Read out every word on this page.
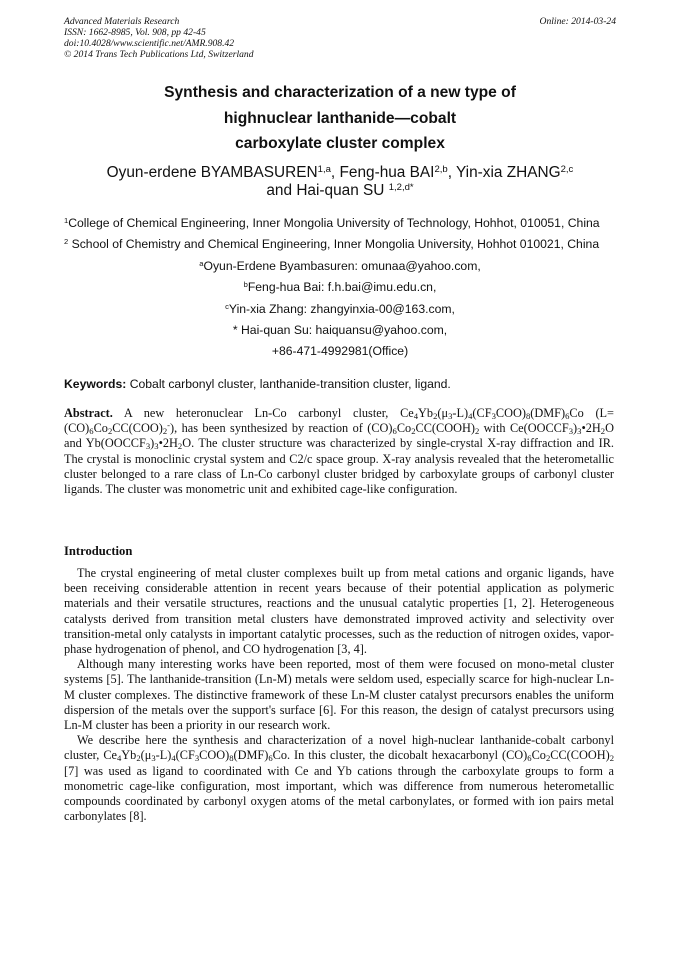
Advanced Materials Research
ISSN: 1662-8985, Vol. 908, pp 42-45
doi:10.4028/www.scientific.net/AMR.908.42
© 2014 Trans Tech Publications Ltd, Switzerland
Online: 2014-03-24
Synthesis and characterization of a new type of
highnuclear lanthanide—cobalt
carboxylate cluster complex
Oyun-erdene BYAMBASUREN$^{1,a}$, Feng-hua BAI$^{2,b}$, Yin-xia ZHANG$^{2,c}$
and Hai-quan SU $^{1,2,d*}$
$^1$College of Chemical Engineering, Inner Mongolia University of Technology, Hohhot, 010051, China
$^2$ School of Chemistry and Chemical Engineering, Inner Mongolia University, Hohhot 010021, China
$^a$Oyun-Erdene Byambasuren: omunaa@yahoo.com,
$^b$Feng-hua Bai: f.h.bai@imu.edu.cn,
$^c$Yin-xia Zhang: zhangyinxia-00@163.com,
* Hai-quan Su: haiquansu@yahoo.com,
+86-471-4992981(Office)
Keywords: Cobalt carbonyl cluster, lanthanide-transition cluster, ligand.
Abstract. A new heteronuclear Ln-Co carbonyl cluster, $Ce_4Yb_2(\mu_3-L)_4(CF_3COO)_8(DMF)_6Co$ $(L=(CO)_6Co_2CC(COO)_2^-)$, has been synthesized by reaction of $(CO)_6Co_2CC(COOH)_2$ with $Ce(OOCCF_3)_3•2H_2O$ and $Yb(OOCCF_3)_3•2H_2O$. The cluster structure was characterized by single-crystal X-ray diffraction and IR. The crystal is monoclinic crystal system and C2/c space group. X-ray analysis revealed that the heterometallic cluster belonged to a rare class of Ln-Co carbonyl cluster bridged by carboxylate groups of carbonyl cluster ligands. The cluster was monometric unit and exhibited cage-like configuration.
Introduction

The crystal engineering of metal cluster complexes built up from metal cations and organic ligands, have been receiving considerable attention in recent years because of their potential application as polymeric materials and their versatile structures, reactions and the unusual catalytic properties [1, 2]. Heterogeneous catalysts derived from transition metal clusters have demonstrated improved activity and selectivity over transition-metal only catalysts in important catalytic processes, such as the reduction of nitrogen oxides, vapor-phase hydrogenation of phenol, and CO hydrogenation [3, 4].

Although many interesting works have been reported, most of them were focused on mono-metal cluster systems [5]. The lanthanide-transition (Ln-M) metals were seldom used, especially scarce for high-nuclear Ln-M cluster complexes. The distinctive framework of these Ln-M cluster catalyst precursors enables the uniform dispersion of the metals over the support's surface [6]. For this reason, the design of catalyst precursors using Ln-M cluster has been a priority in our research work.

We describe here the synthesis and characterization of a novel high-nuclear lanthanide-cobalt carbonyl cluster, $Ce_4Yb_2(\mu_3-L)_4(CF_3COO)_8(DMF)_6Co$. In this cluster, the dicobalt hexacarbonyl $(CO)_6Co_2CC(COOH)_2$ [7] was used as ligand to coordinated with Ce and Yb cations through the carboxylate groups to form a monometric cage-like configuration, most important, which was difference from numerous heterometallic compounds coordinated by carbonyl oxygen atoms of the metal carbonylates, or formed with ion pairs metal carbonylates [8].
